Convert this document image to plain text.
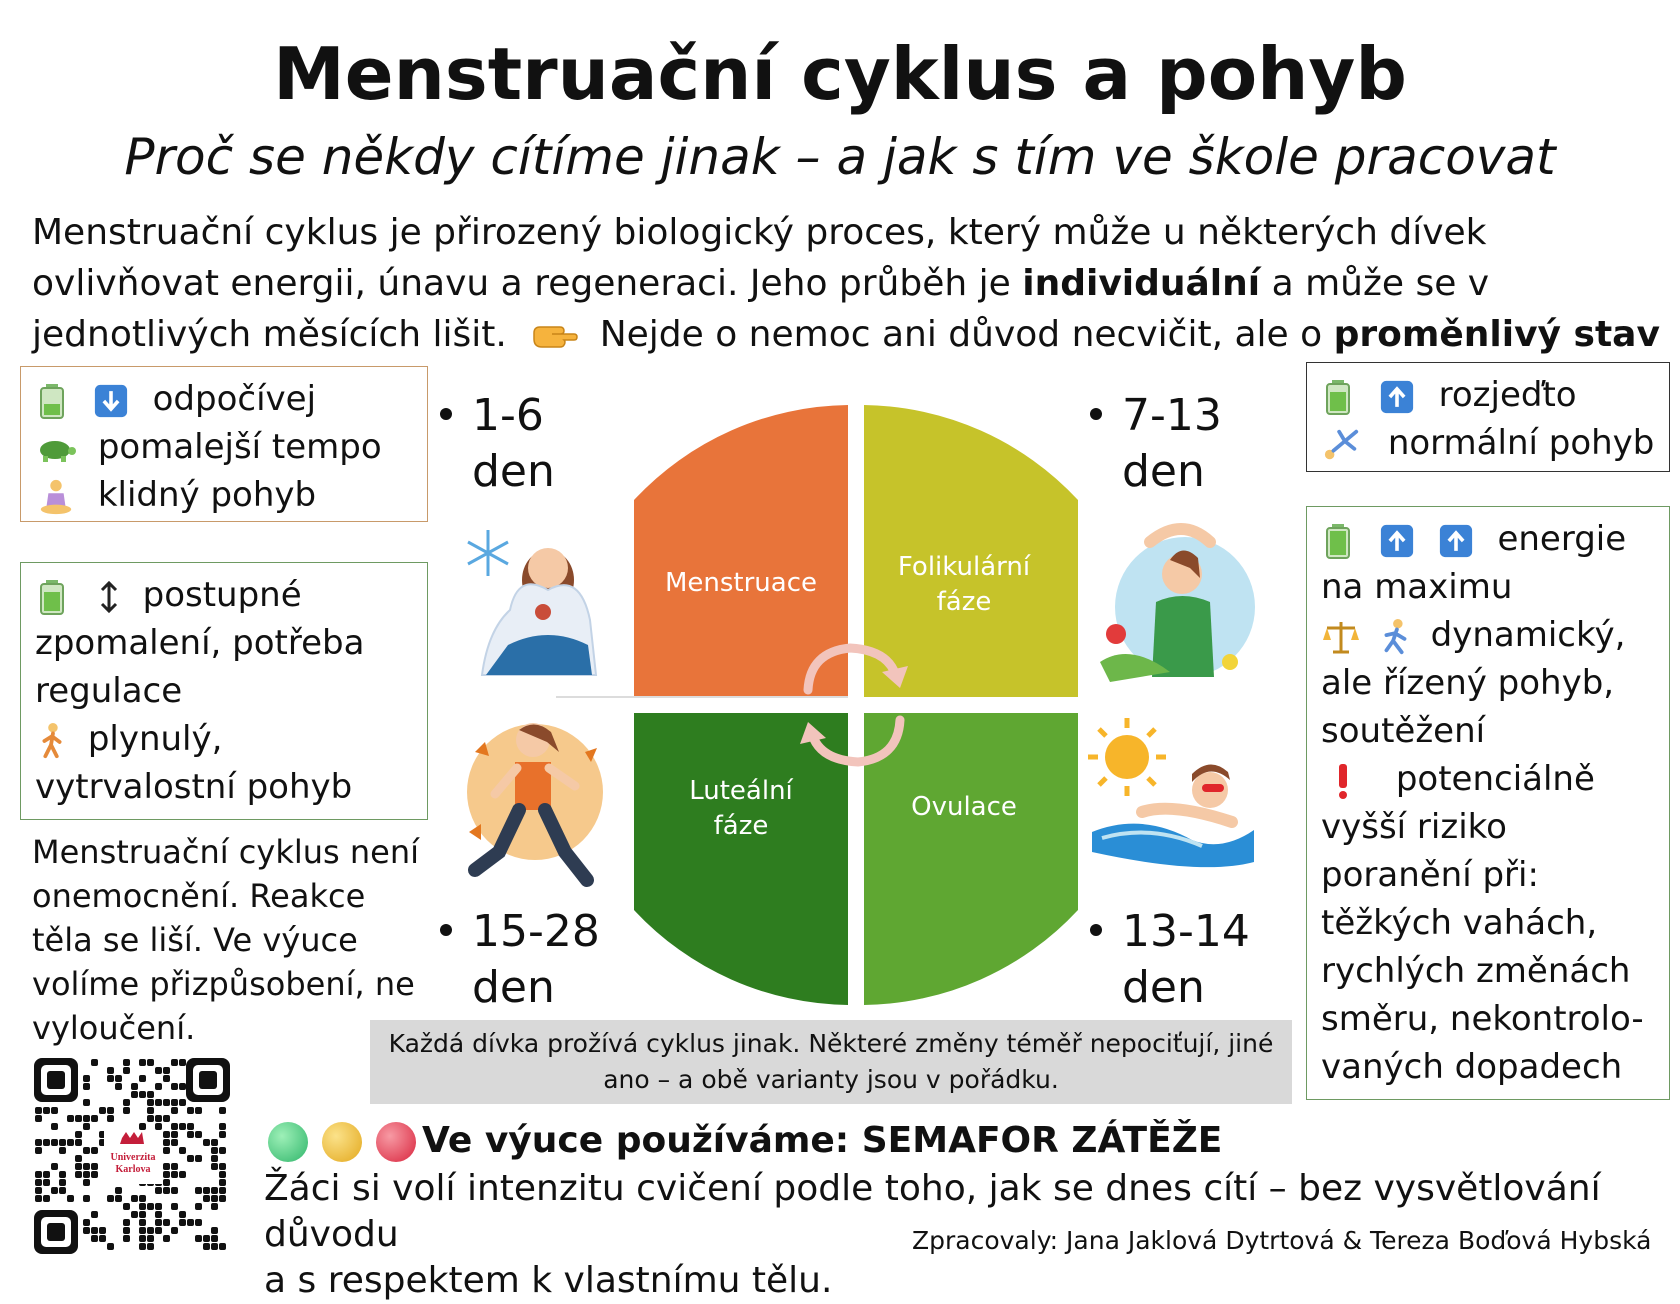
Menstruační cyklus a pohyb
Proč se někdy cítíme jinak – a jak s tím ve škole pracovat
Menstruační cyklus je přirozený biologický proces, který může u některých dívek ovlivňovat energii, únavu a regeneraci. Jeho průběh je individuální a může se v jednotlivých měsících lišit.	Nejde o nemoc ani důvod necvičit, ale o proměnlivý stav
odpočívej
pomalejší tempo
klidný pohyb
postupné
zpomalení, potřeba
regulace
plynulý,
vytrvalostní pohyb
Menstruační cyklus není
onemocnění. Reakce
těla se liší. Ve výuce
volíme přizpůsobení, ne
vyloučení.
rozjeďto
normální pohyb
energie
na maximu
dynamický,
ale řízený pohyb,
soutěžení
potenciálně
vyšší riziko
poranění při:
těžkých vahách,
rychlých změnách
směru, nekontrolo-
vaných dopadech
1-6
den
7-13
den
15-28
den
13-14
den
Menstruace
Folikulární
fáze
Luteální
fáze
Ovulace
Každá dívka prožívá cyklus jinak. Některé změny téměř nepociťují, jiné
ano – a obě varianty jsou v pořádku.
Univerzita
Karlova
Ve výuce používáme: SEMAFOR ZÁTĚŽE
Žáci si volí intenzitu cvičení podle toho, jak se dnes cítí – bez vysvětlování důvodu
a s respektem k vlastnímu tělu.
Zpracovaly: Jana Jaklová Dytrtová & Tereza Boďová Hybská
